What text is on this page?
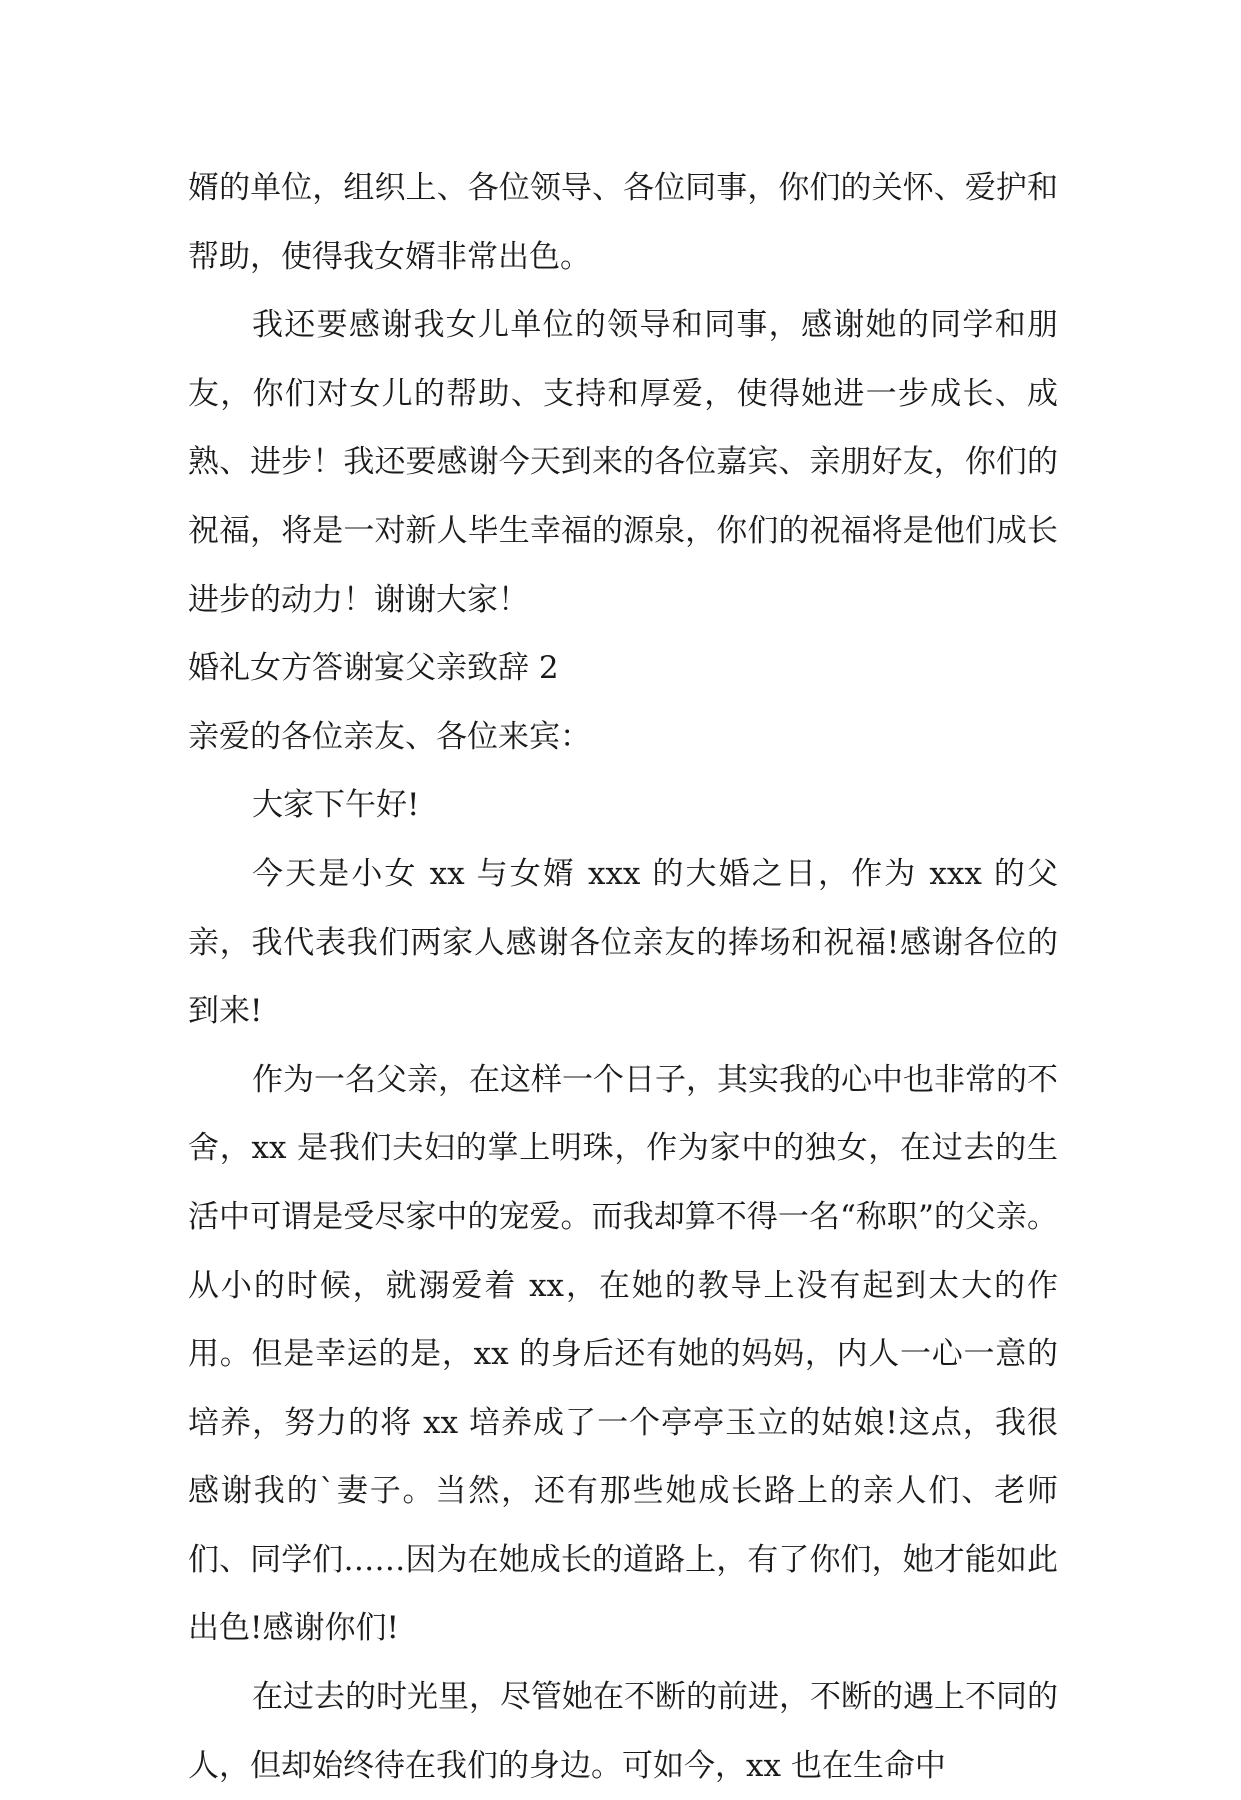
婿的单位，组织上、各位领导、各位同事，你们的关怀、爱护和帮助，使得我女婿非常出色。

我还要感谢我女儿单位的领导和同事，感谢她的同学和朋友，你们对女儿的帮助、支持和厚爱，使得她进一步成长、成熟、进步！我还要感谢今天到来的各位嘉宾、亲朋好友，你们的祝福，将是一对新人毕生幸福的源泉，你们的祝福将是他们成长进步的动力！谢谢大家！

婚礼女方答谢宴父亲致辞 2

亲爱的各位亲友、各位来宾：

大家下午好!

今天是小女 xx 与女婿 xxx 的大婚之日，作为 xxx 的父亲，我代表我们两家人感谢各位亲友的捧场和祝福!感谢各位的到来!

作为一名父亲，在这样一个日子，其实我的心中也非常的不舍，xx 是我们夫妇的掌上明珠，作为家中的独女，在过去的生活中可谓是受尽家中的宠爱。而我却算不得一名“称职”的父亲。从小的时候，就溺爱着 xx，在她的教导上没有起到太大的作用。但是幸运的是，xx 的身后还有她的妈妈，内人一心一意的培养，努力的将 xx 培养成了一个亭亭玉立的姑娘!这点，我很感谢我的`妻子。当然，还有那些她成长路上的亲人们、老师们、同学们……因为在她成长的道路上，有了你们，她才能如此出色!感谢你们!

在过去的时光里，尽管她在不断的前进，不断的遇上不同的人，但却始终待在我们的身边。可如今，xx 也在生命中
